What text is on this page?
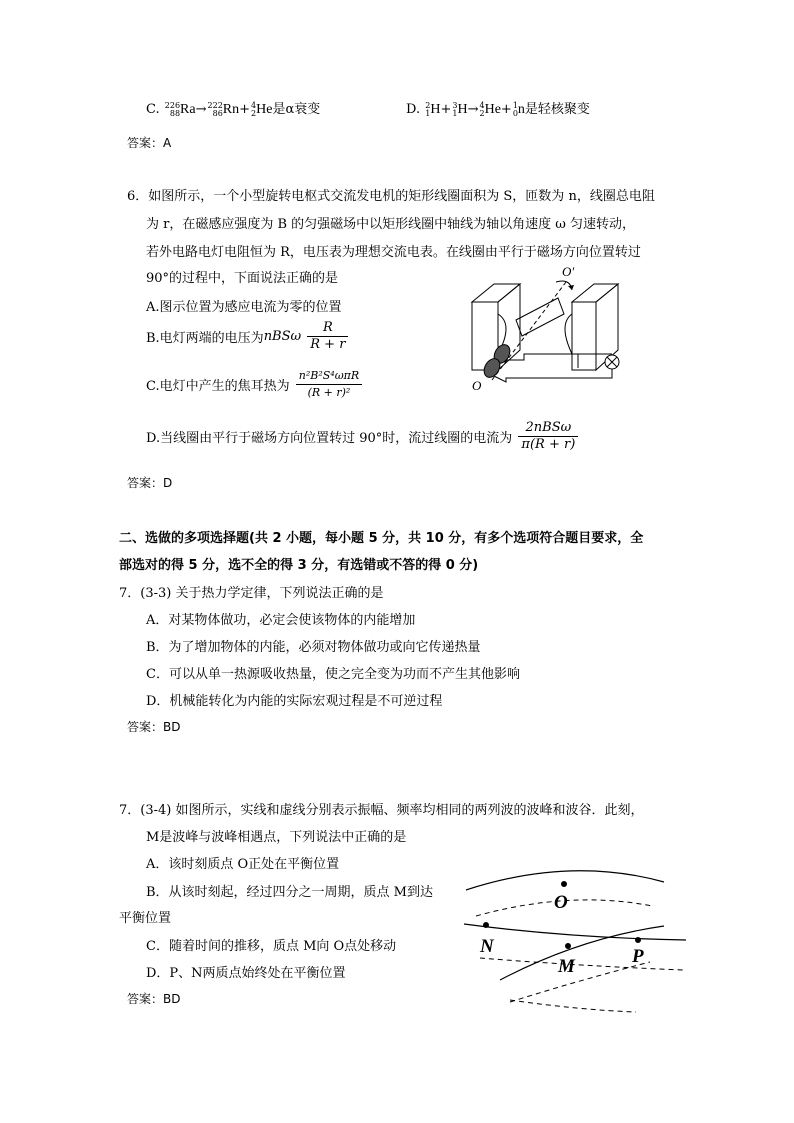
C. 226
88 Ra→ 222
86 Rn+ 4
2 He是α衰变	D. 2
1 H+ 3
1 H→ 4
2 He+ 1
0 n是轻核聚变
答案：A
6．如图所示，一个小型旋转电枢式交流发电机的矩形线圈面积为 S，匝数为 n，线圈总电阻
为 r，在磁感应强度为 B 的匀强磁场中以矩形线圈中轴线为轴以角速度 ω 匀速转动，
若外电路电灯电阻恒为 R，电压表为理想交流电表。在线圈由平行于磁场方向位置转过
90°的过程中，下面说法正确的是
A.图示位置为感应电流为零的位置
B.电灯两端的电压为nBSω $\frac{R}{R + r}$
C.电灯中产生的焦耳热为 $\frac{\text{n²B²S⁴ωπR}}{\text{(R + r)²}}$
D.当线圈由平行于磁场方向位置转过 90°时，流过线圈的电流为 $\frac{\text{2nBSω}}{\pi(R + r)}$
O′
O
答案：D
二、选做的多项选择题(共 2 小题，每小题 5 分，共 10 分，有多个选项符合题目要求，全
部选对的得 5 分，选不全的得 3 分，有选错或不答的得 0 分)
7．(3-3) 关于热力学定律，下列说法正确的是
A．对某物体做功，必定会使该物体的内能增加
B．为了增加物体的内能，必须对物体做功或向它传递热量
C．可以从单一热源吸收热量，使之完全变为功而不产生其他影响
D．机械能转化为内能的实际宏观过程是不可逆过程
答案：BD
7．(3-4) 如图所示，实线和虚线分别表示振幅、频率均相同的两列波的波峰和波谷．此刻，
M是波峰与波峰相遇点，下列说法中正确的是
A．该时刻质点 O正处在平衡位置
B．从该时刻起，经过四分之一周期，质点 M到达
平衡位置
C．随着时间的推移，质点 M向 O点处移动
D．P、N两质点始终处在平衡位置
答案：BD
O
N
M	P
